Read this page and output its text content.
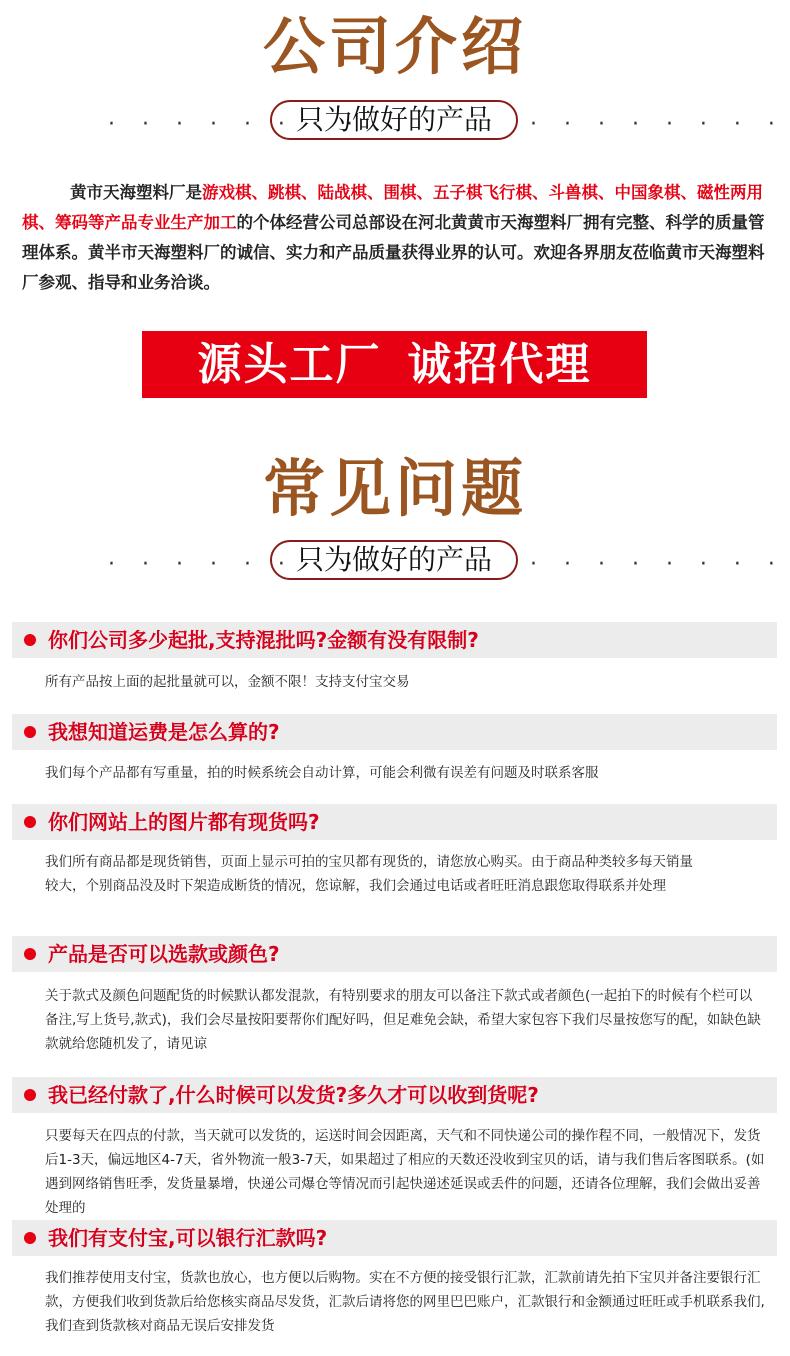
公司介绍
· · · · · · · ·
只为做好的产品	· · · · · · · ·
黄市天海塑料厂是游戏棋、跳棋、陆战棋、围棋、五子棋飞行棋、斗兽棋、中国象棋、磁性两用棋、筹码等产品专业生产加工的个体经营公司总部设在河北黄黄市天海塑料厂拥有完整、科学的质量管理体系。黄半市天海塑料厂的诚信、实力和产品质量获得业界的认可。欢迎各界朋友莅临黄市天海塑料厂参观、指导和业务洽谈。
源头工厂 诚招代理
常见问题
· · · · · · · ·
只为做好的产品	· · · · · · · ·
你们公司多少起批,支持混批吗?金额有没有限制?
所有产品按上面的起批量就可以，金额不限！支持支付宝交易
我想知道运费是怎么算的?
我们每个产品都有写重量，拍的时候系统会自动计算，可能会利微有误差有问题及时联系客服
你们网站上的图片都有现货吗?
我们所有商品都是现货销售，页面上显示可拍的宝贝都有现货的，请您放心购买。由于商品种类较多每天销量较大，个别商品没及时下架造成断货的情况，您谅解，我们会通过电话或者旺旺消息跟您取得联系并处理
产品是否可以选款或颜色?
关于款式及颜色问题配货的时候默认都发混款，有特别要求的朋友可以备注下款式或者颜色(一起拍下的时候有个栏可以备注,写上货号,款式)，我们会尽量按阳要帮你们配好吗，但足难免会缺，希望大家包容下我们尽量按您写的配，如缺色缺款就给您随机发了，请见谅
我已经付款了,什么时候可以发货?多久才可以收到货呢?
只要每天在四点的付款，当天就可以发货的，运送时间会因距离，天气和不同快递公司的操作程不同，一般情况下，发货后1-3天，偏远地区4-7天，省外物流一般3-7天，如果超过了相应的天数还没收到宝贝的话，请与我们售后客图联系。(如遇到网络销售旺季，发货量暴增，快递公司爆仓等情况而引起快递述延误或丢件的问题，还请各位理解，我们会做出妥善处理的
我们有支付宝,可以银行汇款吗?
我们推荐使用支付宝，货款也放心，也方便以后购物。实在不方便的接受银行汇款，汇款前请先拍下宝贝并备注要银行汇款，方便我们收到货款后给您核实商品尽发货，汇款后请将您的网里巴巴账户，汇款银行和金额通过旺旺或手机联系我们,我们查到货款核对商品无误后安排发货
